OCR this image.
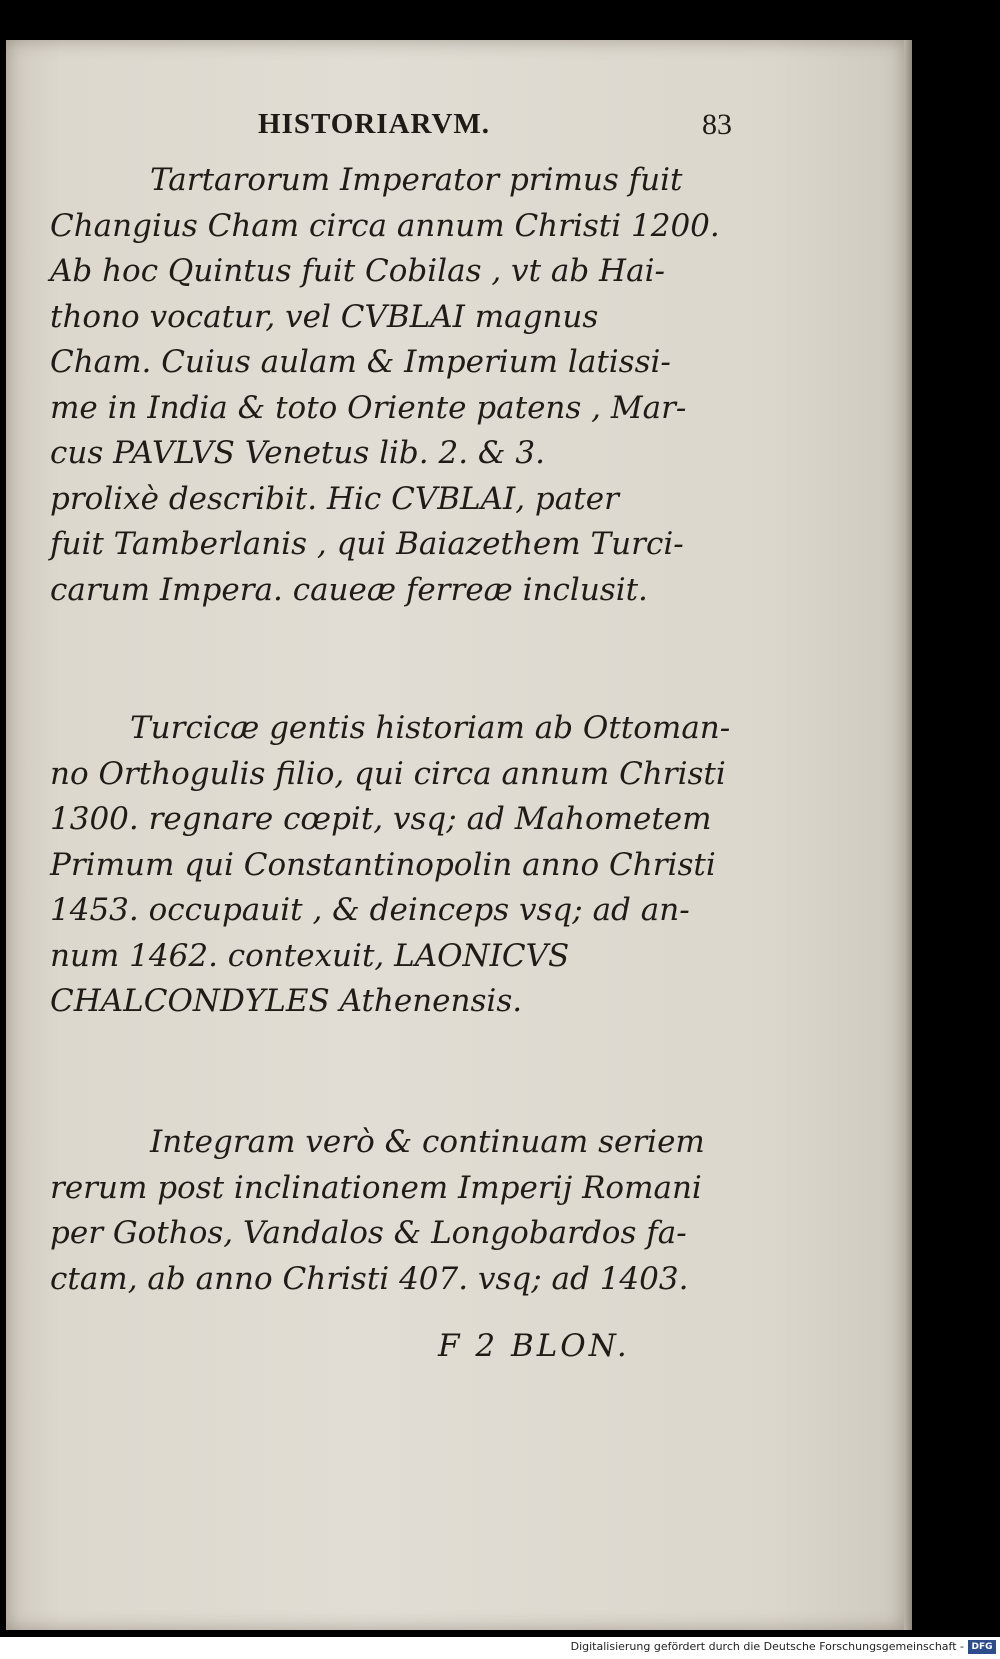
HISTORIARVM.	83
Tartarorum Imperator primus fuit
Changius Cham circa annum Christi 1200.
Ab hoc Quintus fuit Cobilas , vt ab Hai-
thono vocatur, vel CVBLAI magnus
Cham. Cuius aulam & Imperium latissi-
me in India & toto Oriente patens , Mar-
cus PAVLVS Venetus lib. 2. & 3.
prolixè describit. Hic CVBLAI, pater
fuit Tamberlanis , qui Baiazethem Turci-
carum Impera. caueæ ferreæ inclusit.
Turcicæ gentis historiam ab Ottoman-
no Orthogulis filio, qui circa annum Christi
1300. regnare cœpit, vsq; ad Mahometem
Primum qui Constantinopolin anno Christi
1453. occupauit , & deinceps vsq; ad an-
num 1462. contexuit, LAONICVS
CHALCONDYLES Athenensis.
Integram verò & continuam seriem
rerum post inclinationem Imperij Romani
per Gothos, Vandalos & Longobardos fa-
ctam, ab anno Christi 407. vsq; ad 1403.
F 2 BLON.
Digitalisierung gefördert durch die Deutsche Forschungsgemeinschaft - DFG
